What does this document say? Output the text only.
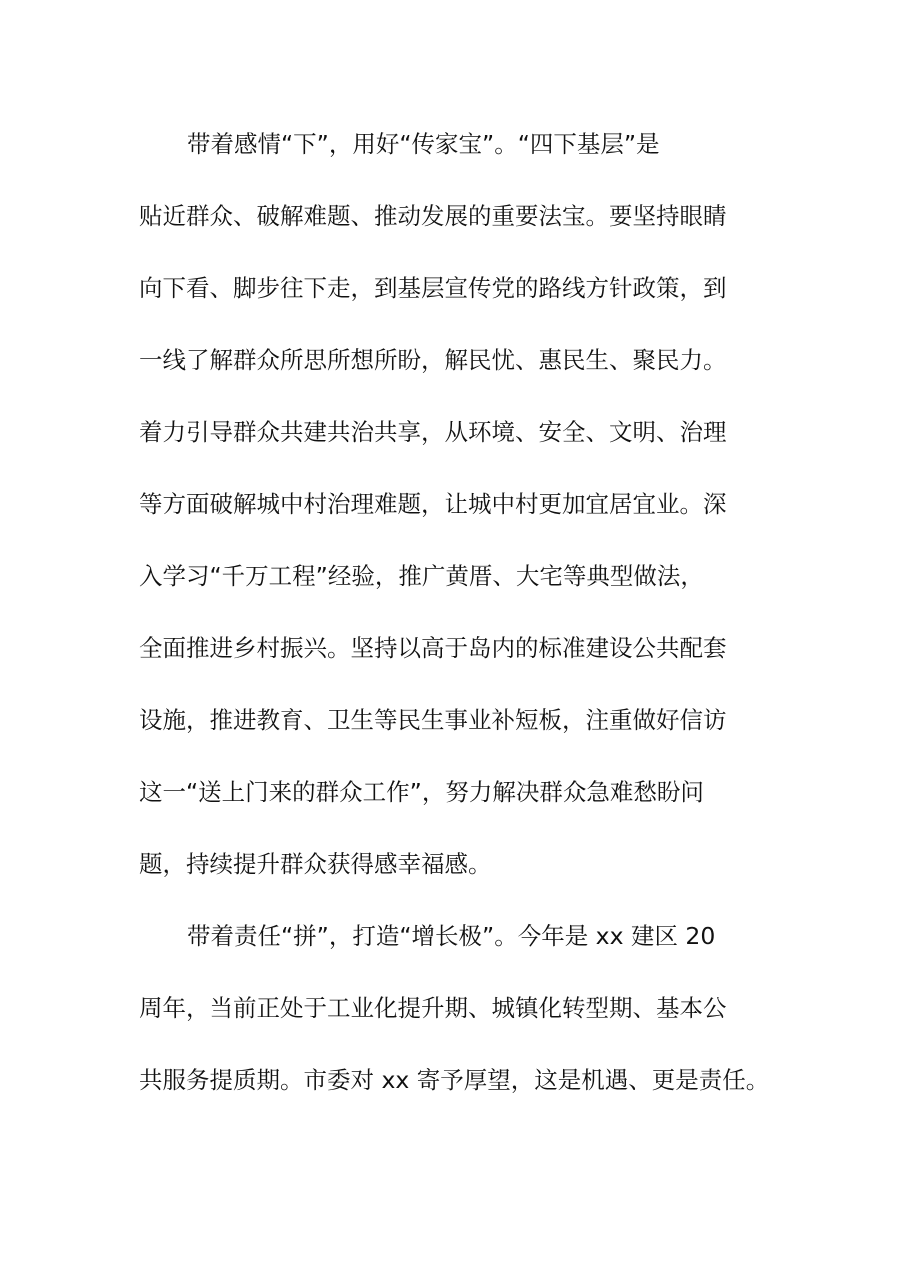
带着感情“下”，用好“传家宝”。“四下基层”是
贴近群众、破解难题、推动发展的重要法宝。要坚持眼睛
向下看、脚步往下走，到基层宣传党的路线方针政策，到
一线了解群众所思所想所盼，解民忧、惠民生、聚民力。
着力引导群众共建共治共享，从环境、安全、文明、治理
等方面破解城中村治理难题，让城中村更加宜居宜业。深
入学习“千万工程”经验，推广黄厝、大宅等典型做法，
全面推进乡村振兴。坚持以高于岛内的标准建设公共配套
设施，推进教育、卫生等民生事业补短板，注重做好信访
这一“送上门来的群众工作”，努力解决群众急难愁盼问
题，持续提升群众获得感幸福感。
带着责任“拼”，打造“增长极”。今年是 xx 建区 20
周年，当前正处于工业化提升期、城镇化转型期、基本公
共服务提质期。市委对 xx 寄予厚望，这是机遇、更是责任。
